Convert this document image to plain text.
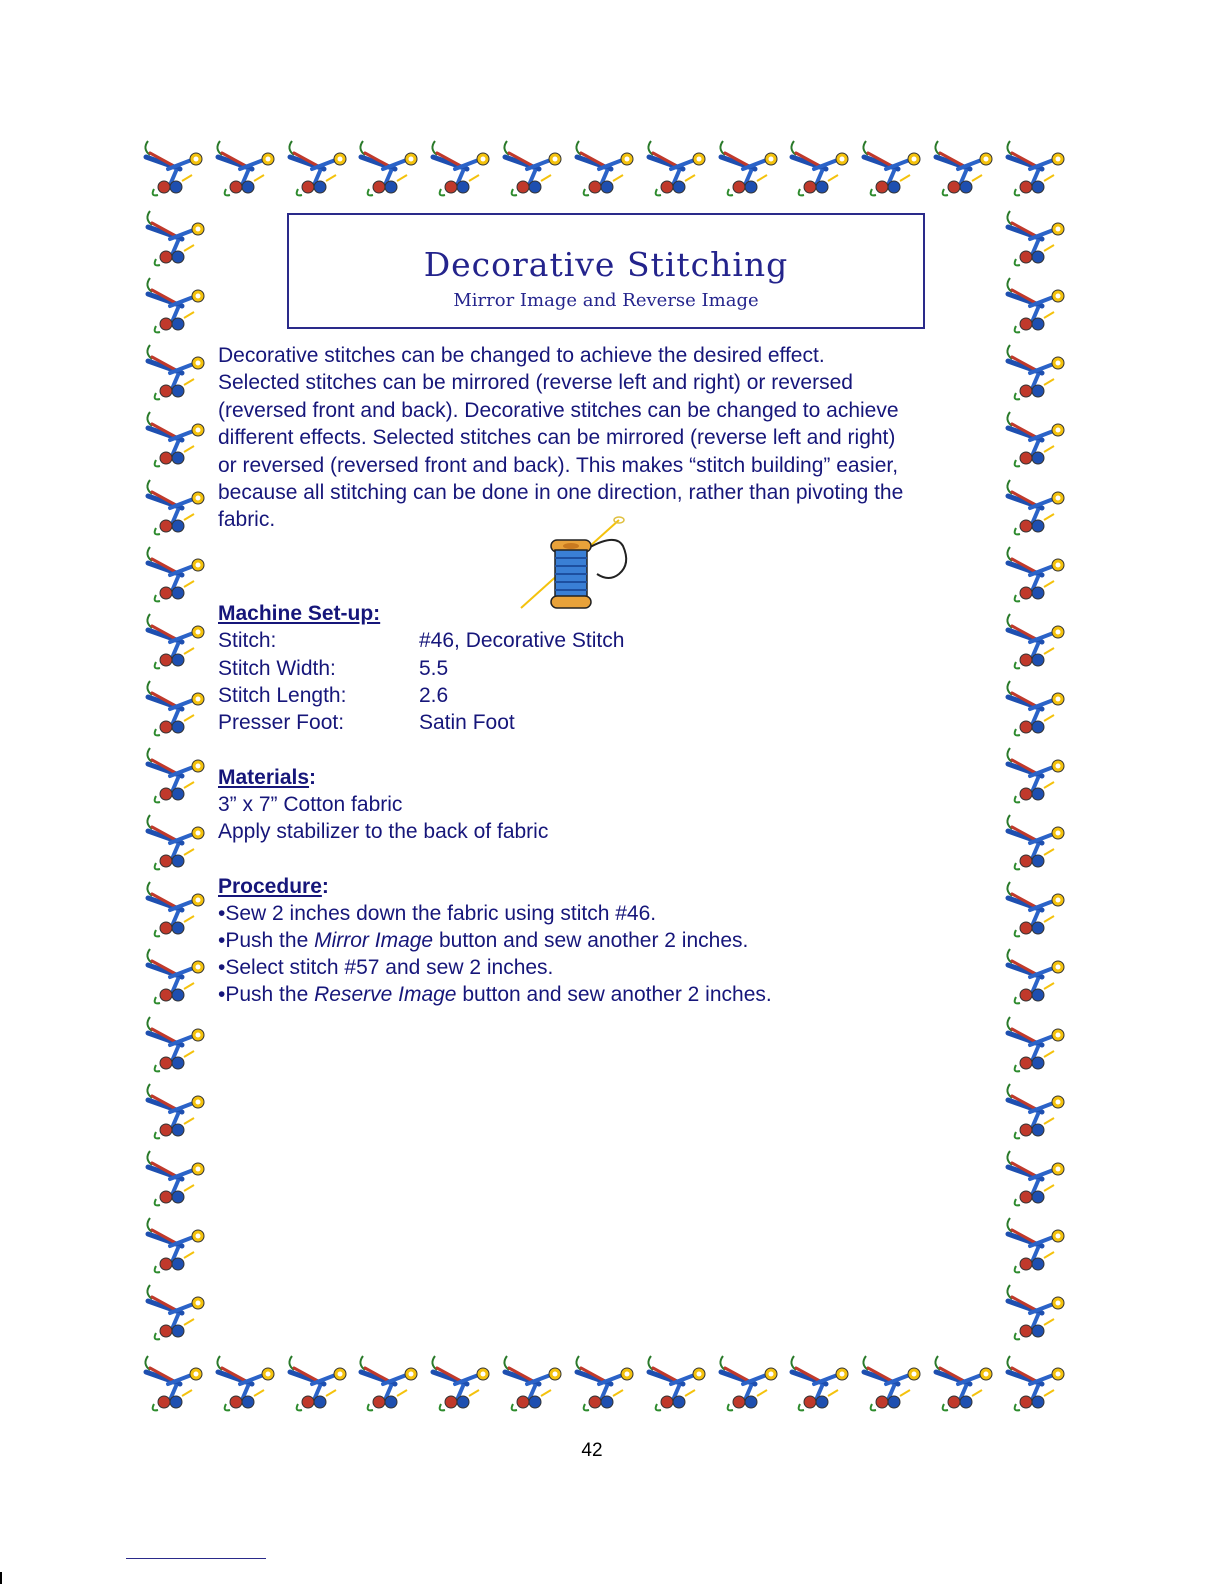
Decorative Stitching
Mirror Image and Reverse Image
Decorative stitches can be changed to achieve the desired effect.
Selected stitches can be mirrored (reverse left and right) or reversed
(reversed front and back). Decorative stitches can be changed to achieve
different effects. Selected stitches can be mirrored (reverse left and right)
or reversed (reversed front and back). This makes “stitch building” easier,
because all stitching can be done in one direction, rather than pivoting the
fabric.
Machine Set-up:
Stitch:	#46, Decorative Stitch
Stitch Width:	5.5
Stitch Length:	2.6
Presser Foot:	Satin Foot
Materials:
3” x 7” Cotton fabric
Apply stabilizer to the back of fabric
Procedure:
•Sew 2 inches down the fabric using stitch #46.
•Push the Mirror Image button and sew another 2 inches.
•Select stitch #57 and sew 2 inches.
•Push the Reserve Image button and sew another 2 inches.
42
